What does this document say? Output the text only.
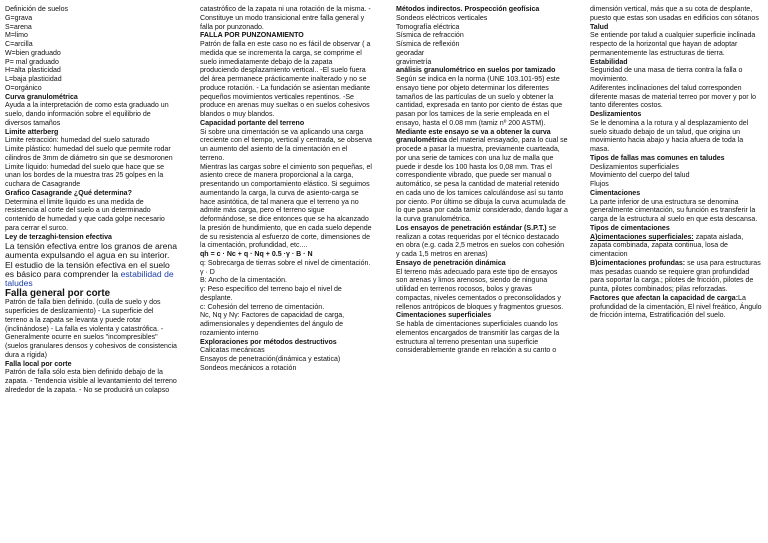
Definición de suelos

G=grava

S=arena

M=limo

C=arcilla

W=bien graduado

P= mal graduado

H=alta plasticidad

L=baja plasticidad

O=orgánico

Curva granulométrica

Ayuda a la interpretación de como esta graduado un suelo, dando información sobre el equilibrio de diversos tamaños

Limite atterberg

Limite retracción: humedad del suelo saturado

Limite plástico: humedad del suelo que permite rodar cilindros de 3mm de diámetro sin que se desmoronen

Limite líquido: humedad del suelo que hace que se unan los bordes de la muestra tras 25 golpes en la cuchara de Casagrande

Grafico Casagrande ¿Qué determina?

Determina el limite liquido es una medida de resistencia al corte del suelo a un determinado contenido de humedad y que cada golpe necesario para cerrar el surco.

Ley de terzaghi-tension efectiva

La tensión efectiva entre los granos de arena aumenta expulsando el agua en su interior. El estudio de la tensión efectiva en el suelo es básico para comprender la estabilidad de taludes

Falla general por corte

Patrón de falla bien definido. (culla de suelo y dos superficies de deslizamiento) - La superficie del terreno a la zapata se levanta y puede rotar (inclinándose) - La falla es violenta y catastrófica. - Generalmente ocurre en suelos "incompresibles" (suelos granulares densos y cohesivos de consistencia dura a rígida)

Falla local por corte

Patrón de falla sólo esta bien definido debajo de la zapata. - Tendencia visible al levantamiento del terreno alrededor de la zapata. - No se producirá un colapso

catastrófico de la zapata ni una rotación de la misma. - Constituye un modo transicional entre falla general y falla por punzonado.

FALLA POR PUNZONAMIENTO

Patrón de falla en este caso no es fácil de observar ( a medida que se incrementa la carga, se comprime el suelo inmediatamente debajo de la zapata produciendo desplazamiento vertical.. -El suelo fuera del área permanece prácticamente inalterado y no se produce rotación. - La fundación se asientan mediante pequeños movimientos verticales repentinos. -Se produce en arenas muy sueltas o en suelos cohesivos blandos o muy blandos.

Capacidad portante del terreno

Si sobre una cimentación se va aplicando una carga creciente con el tiempo, vertical y centrada, se observa un aumento del asiento de la cimentación en el terreno.

Mientras las cargas sobre el cimiento son pequeñas, el asiento crece de manera proporcional a la carga, presentando un comportamiento elástico. Si seguimos aumentando la carga, la curva de asiento-carga se hace asintótica, de tal manera que el terreno ya no admite más carga, pero el terreno sigue deformándose, se dice entonces que se ha alcanzado la presión de hundimiento, que en cada suelo depende de su resistencia al esfuerzo de corte, dimensiones de la cimentación, profundidad, etc....

qh = c · Nc + q · Nq + 0.5 ·γ · B · N

q: Sobrecarga de tierras sobre el nivel de cimentación. γ · D

B: Ancho de la cimentación.

γ: Peso específico del terreno bajo el nivel de desplante.

c: Cohesión del terreno de cimentación.

Nc, Nq y Nγ: Factores de capacidad de carga, adimensionales y dependientes del ángulo de rozamiento interno

Exploraciones por métodos destructivos

Calicatas mecánicas

Ensayos de penetración(dinámica y estatica)

Sondeos mecánicos a rotación

Métodos indirectos. Prospección geofísica

Sondeos eléctricos verticales

Tomografía eléctrica

Sísmica de refracción

Sísmica de reflexión

georadar

gravimetría

análisis granulométrico en suelos por tamizado

Según se indica en la norma (UNE 103.101-95) este ensayo tiene por objeto determinar los diferentes tamaños de las partículas de un suelo y obtener la cantidad, expresada en tanto por ciento de éstas que pasan por los tamices de la serie empleada en el ensayo, hasta el 0.08 mm (tamiz nº 200 ASTM).

Mediante este ensayo se va a obtener la curva granulométrica del material ensayado, para lo cual se

procede a pasar la muestra, previamente cuarteada, por una serie de tamices con una luz de malla que puede ir desde los 100 hasta los 0,08 mm. Tras el correspondiente vibrado, que puede ser manual o automático, se pesa la cantidad de material retenido en cada uno de los tamices calculándose así su tanto por ciento. Por último se dibuja la curva acumulada de lo que pasa por cada tamiz considerado, dando lugar a la curva granulométrica.

Los ensayos de penetración estándar (S.P.T.) se realizan a cotas requeridas por el técnico destacado en obra (e.g. cada 2,5 metros en suelos con cohesión y cada 1,5 metros en arenas)

Ensayo de penetración dinámica

El terreno más adecuado para este tipo de ensayos son arenas y limos arenosos, siendo de ninguna utilidad en terrenos rocosos, bolos y gravas compactas, niveles cementados o preconsolidados y rellenos antrópicos de bloques y fragmentos gruesos.

Cimentaciones superficiales

Se habla de cimentaciones superficiales cuando los elementos encargados de transmitir las cargas de la estructura al terreno presentan una superficie considerablemente grande en relación a su canto o

dimensión vertical, más que a su cota de desplante, puesto que estas son usadas en edificios con sótanos

Talud

Se entiende por talud a cualquier superficie inclinada respecto de la horizontal que hayan de adoptar permanentemente las estructuras de tierra.

Estabilidad

Seguridad de una masa de tierra contra la falla o movimiento.

Adiferentes inclinaciones del talud corresponden diferente masas de material terreo por mover y por lo tanto diferentes costos.

Deslizamientos

Se le denomina a la rotura y al desplazamiento del suelo situado debajo de un talud, que origina un movimiento hacia abajo y hacia afuera de toda la masa.

Tipos de fallas mas comunes en taludes

Deslizamientos superficiales

Movimiento del cuerpo del talud

Flujos

Cimentaciones

La parte inferior de una estructura se denomina generalmente cimentación, su función es transferir la carga de la estructura al suelo en que esta descansa.

Tipos de cimentaciones

A)cimentaciones superficiales: zapata aislada, zapata combinada, zapata continua, losa de cimentacion

B)cimentaciones profundas: se usa para estructuras mas pesadas cuando se requiere gran profundidad para soportar la carga.; pilotes de fricción, pilotes de punta, pilotes combinados; pilas reforzadas.

Factores que afectan la capacidad de carga:La profundidad de la cimentación, El nivel freático, Ángulo de fricción interna, Estratificación del suelo.
